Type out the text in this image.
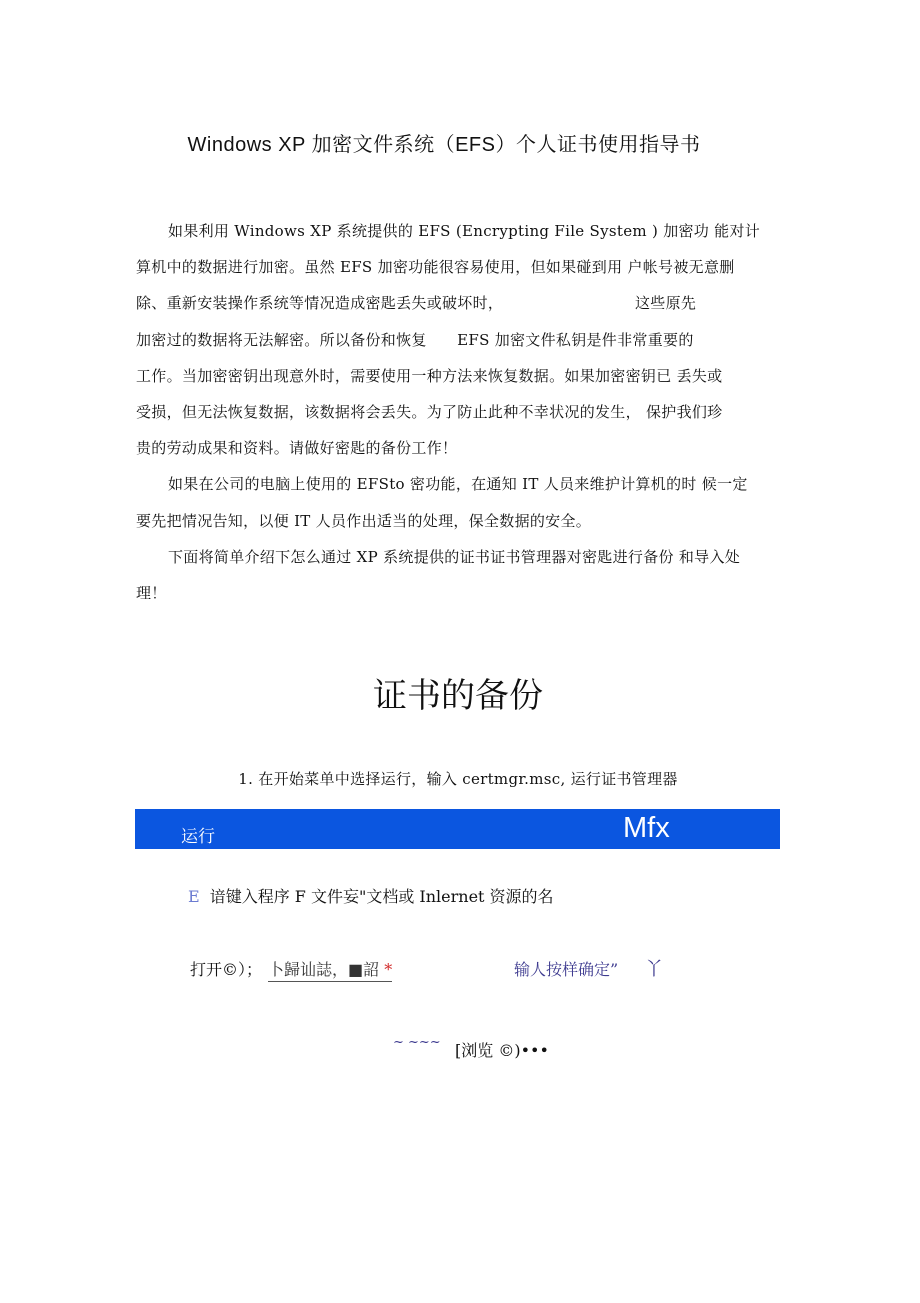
Windows XP 加密文件系统（EFS）个人证书使用指导书
如果利用 Windows XP 系统提供的 EFS (Encrypting File System ) 加密功 能对计
算机中的数据进行加密。虽然 EFS 加密功能很容易使用，但如果碰到用 户帐号被无意删
除、重新安装操作系统等情况造成密匙丢失或破坏时，                          这些原先
加密过的数据将无法解密。所以备份和恢复      EFS 加密文件私钥是件非常重要的
工作。当加密密钥出现意外时，需要使用一种方法来恢复数据。如果加密密钥已 丢失或
受损，但无法恢复数据，该数据将会丢失。为了防止此种不幸状况的发生， 保护我们珍
贵的劳动成果和资料。请做好密匙的备份工作！
如果在公司的电脑上使用的 EFSto 密功能，在通知 IT 人员来维护计算机的时 候一定
要先把情况告知，以便 IT 人员作出适当的处理，保全数据的安全。
下面将简单介绍下怎么通过 XP 系统提供的证书证书管理器对密匙进行备份 和导入处
理！
证书的备份
1. 在开始菜单中选择运行，输入 certmgr.msc, 运行证书管理器
运行	Mfx
E 谙键入程序 F 文件妄"文档或 Inlernet 资源的名
打开©）； 卜歸讪誌，■詔 *	输人按样确定” 丫
~ ~~~ [浏览 ©)•••
